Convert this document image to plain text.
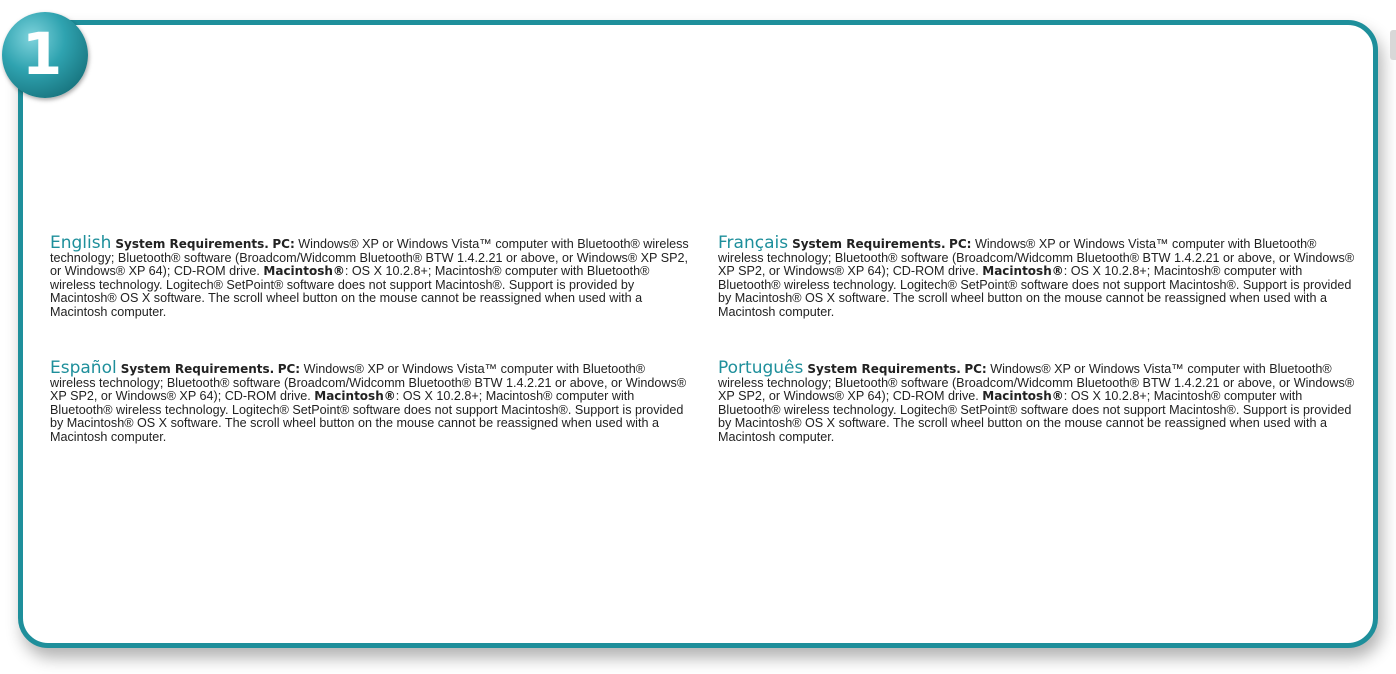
1

English System Requirements. PC: Windows® XP or Windows Vista™ computer with Bluetooth® wireless technology; Bluetooth® software (Broadcom/Widcomm Bluetooth® BTW 1.4.2.21 or above, or Windows® XP SP2, or Windows® XP 64); CD-ROM drive. Macintosh®: OS X 10.2.8+; Macintosh® computer with Bluetooth® wireless technology. Logitech® SetPoint® software does not support Macintosh®. Support is provided by Macintosh® OS X software. The scroll wheel button on the mouse cannot be reassigned when used with a Macintosh computer.

Español System Requirements. PC: Windows® XP or Windows Vista™ computer with Bluetooth® wireless technology; Bluetooth® software (Broadcom/Widcomm Bluetooth® BTW 1.4.2.21 or above, or Windows® XP SP2, or Windows® XP 64); CD-ROM drive. Macintosh®: OS X 10.2.8+; Macintosh® computer with Bluetooth® wireless technology. Logitech® SetPoint® software does not support Macintosh®. Support is provided by Macintosh® OS X software. The scroll wheel button on the mouse cannot be reassigned when used with a Macintosh computer.

Français System Requirements. PC: Windows® XP or Windows Vista™ computer with Bluetooth® wireless technology; Bluetooth® software (Broadcom/Widcomm Bluetooth® BTW 1.4.2.21 or above, or Windows® XP SP2, or Windows® XP 64); CD-ROM drive. Macintosh®: OS X 10.2.8+; Macintosh® computer with Bluetooth® wireless technology. Logitech® SetPoint® software does not support Macintosh®. Support is provided by Macintosh® OS X software. The scroll wheel button on the mouse cannot be reassigned when used with a Macintosh computer.

Português System Requirements. PC: Windows® XP or Windows Vista™ computer with Bluetooth® wireless technology; Bluetooth® software (Broadcom/Widcomm Bluetooth® BTW 1.4.2.21 or above, or Windows® XP SP2, or Windows® XP 64); CD-ROM drive. Macintosh®: OS X 10.2.8+; Macintosh® computer with Bluetooth® wireless technology. Logitech® SetPoint® software does not support Macintosh®. Support is provided by Macintosh® OS X software. The scroll wheel button on the mouse cannot be reassigned when used with a Macintosh computer.
